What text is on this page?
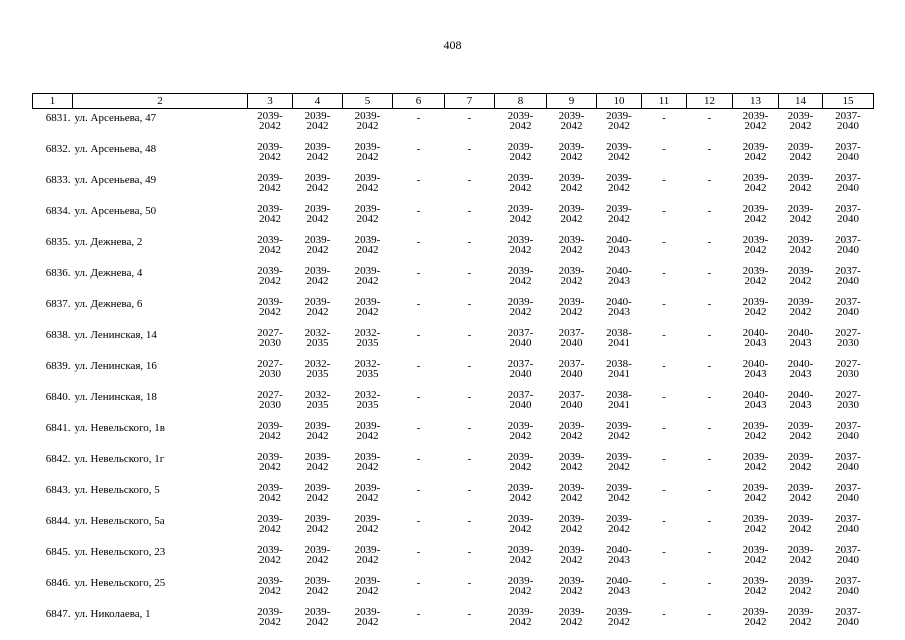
408
1	2	3	4	5	6	7	8	9	10	11	12	13	14	15
6831.	ул. Арсеньева, 47	2039-
2042	2039-
2042	2039-
2042	-	-	2039-
2042	2039-
2042	2039-
2042	-	-	2039-
2042	2039-
2042	2037-
2040

6832.	ул. Арсеньева, 48	2039-
2042	2039-
2042	2039-
2042	-	-	2039-
2042	2039-
2042	2039-
2042	-	-	2039-
2042	2039-
2042	2037-
2040

6833.	ул. Арсеньева, 49	2039-
2042	2039-
2042	2039-
2042	-	-	2039-
2042	2039-
2042	2039-
2042	-	-	2039-
2042	2039-
2042	2037-
2040

6834.	ул. Арсеньева, 50	2039-
2042	2039-
2042	2039-
2042	-	-	2039-
2042	2039-
2042	2039-
2042	-	-	2039-
2042	2039-
2042	2037-
2040

6835.	ул. Дежнева, 2	2039-
2042	2039-
2042	2039-
2042	-	-	2039-
2042	2039-
2042	2040-
2043	-	-	2039-
2042	2039-
2042	2037-
2040

6836.	ул. Дежнева, 4	2039-
2042	2039-
2042	2039-
2042	-	-	2039-
2042	2039-
2042	2040-
2043	-	-	2039-
2042	2039-
2042	2037-
2040

6837.	ул. Дежнева, 6	2039-
2042	2039-
2042	2039-
2042	-	-	2039-
2042	2039-
2042	2040-
2043	-	-	2039-
2042	2039-
2042	2037-
2040

6838.	ул. Ленинская, 14	2027-
2030	2032-
2035	2032-
2035	-	-	2037-
2040	2037-
2040	2038-
2041	-	-	2040-
2043	2040-
2043	2027-
2030

6839.	ул. Ленинская, 16	2027-
2030	2032-
2035	2032-
2035	-	-	2037-
2040	2037-
2040	2038-
2041	-	-	2040-
2043	2040-
2043	2027-
2030

6840.	ул. Ленинская, 18	2027-
2030	2032-
2035	2032-
2035	-	-	2037-
2040	2037-
2040	2038-
2041	-	-	2040-
2043	2040-
2043	2027-
2030

6841.	ул. Невельского, 1в	2039-
2042	2039-
2042	2039-
2042	-	-	2039-
2042	2039-
2042	2039-
2042	-	-	2039-
2042	2039-
2042	2037-
2040

6842.	ул. Невельского, 1г	2039-
2042	2039-
2042	2039-
2042	-	-	2039-
2042	2039-
2042	2039-
2042	-	-	2039-
2042	2039-
2042	2037-
2040

6843.	ул. Невельского, 5	2039-
2042	2039-
2042	2039-
2042	-	-	2039-
2042	2039-
2042	2039-
2042	-	-	2039-
2042	2039-
2042	2037-
2040

6844.	ул. Невельского, 5а	2039-
2042	2039-
2042	2039-
2042	-	-	2039-
2042	2039-
2042	2039-
2042	-	-	2039-
2042	2039-
2042	2037-
2040

6845.	ул. Невельского, 23	2039-
2042	2039-
2042	2039-
2042	-	-	2039-
2042	2039-
2042	2040-
2043	-	-	2039-
2042	2039-
2042	2037-
2040

6846.	ул. Невельского, 25	2039-
2042	2039-
2042	2039-
2042	-	-	2039-
2042	2039-
2042	2040-
2043	-	-	2039-
2042	2039-
2042	2037-
2040

6847.	ул. Николаева, 1	2039-
2042	2039-
2042	2039-
2042	-	-	2039-
2042	2039-
2042	2039-
2042	-	-	2039-
2042	2039-
2042	2037-
2040
